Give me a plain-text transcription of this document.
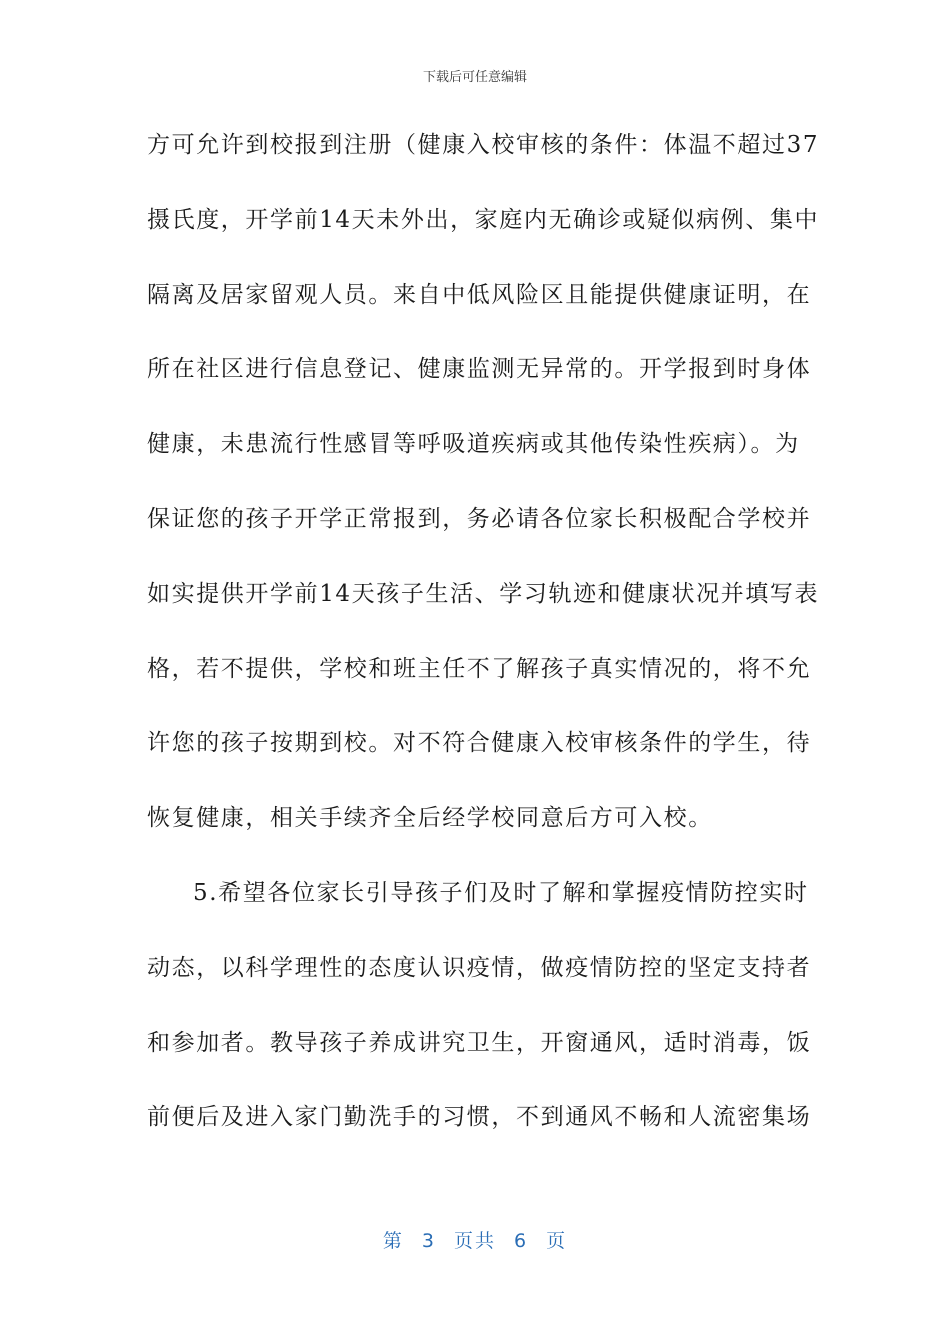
下载后可任意编辑
方可允许到校报到注册（健康入校审核的条件：体温不超过37
摄氏度，开学前14天未外出，家庭内无确诊或疑似病例、集中
隔离及居家留观人员。来自中低风险区且能提供健康证明，在
所在社区进行信息登记、健康监测无异常的。开学报到时身体
健康，未患流行性感冒等呼吸道疾病或其他传染性疾病）。为
保证您的孩子开学正常报到，务必请各位家长积极配合学校并
如实提供开学前14天孩子生活、学习轨迹和健康状况并填写表
格，若不提供，学校和班主任不了解孩子真实情况的，将不允
许您的孩子按期到校。对不符合健康入校审核条件的学生，待
恢复健康，相关手续齐全后经学校同意后方可入校。
5.希望各位家长引导孩子们及时了解和掌握疫情防控实时
动态，以科学理性的态度认识疫情，做疫情防控的坚定支持者
和参加者。教导孩子养成讲究卫生，开窗通风，适时消毒，饭
前便后及进入家门勤洗手的习惯，不到通风不畅和人流密集场
第 3 页共 6 页
